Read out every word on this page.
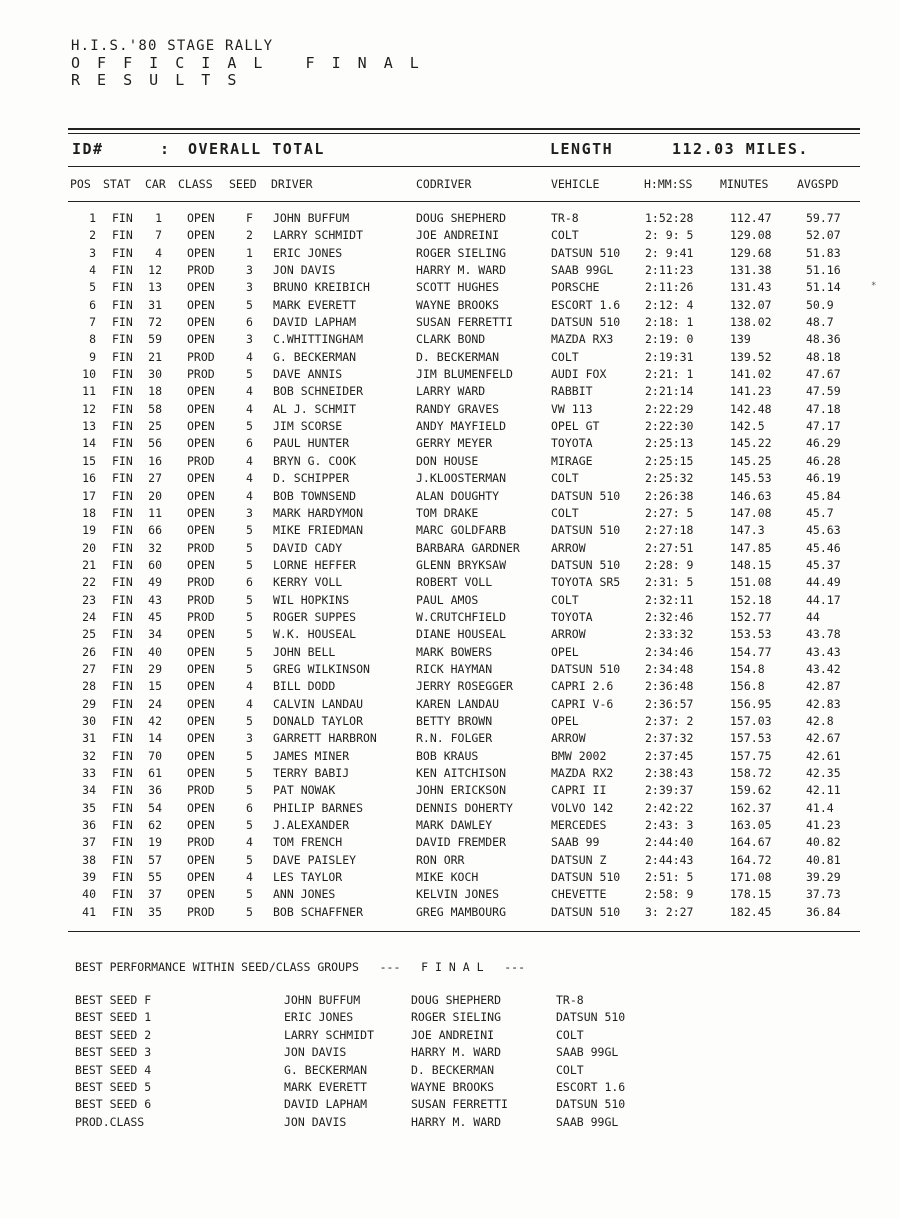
H.I.S.'80 STAGE RALLY
O F F I C I A L   F I N A L
R E S U L T S
ID#	: OVERALL TOTAL	LENGTH	112.03 MILES.
POS STAT CAR CLASS SEED DRIVER	CODRIVER	VEHICLE	H:MM:SS MINUTES AVGSPD
1 FIN	1 OPEN	F JOHN BUFFUM	DOUG SHEPHERD	TR-8	1:52:28	112.47	59.77
2 FIN	7 OPEN	2 LARRY SCHMIDT	JOE ANDREINI	COLT	2: 9: 5	129.08	52.07
3 FIN	4 OPEN	1 ERIC JONES	ROGER SIELING	DATSUN 510 2: 9:41	129.68	51.83
4 FIN	12 PROD	3 JON DAVIS	HARRY M. WARD	SAAB 99GL	2:11:23	131.38	51.16
5 FIN	13 OPEN	3 BRUNO KREIBICH	SCOTT HUGHES	PORSCHE	2:11:26	131.43	51.14
6 FIN	31 OPEN	5 MARK EVERETT	WAYNE BROOKS	ESCORT 1.6 2:12: 4	132.07	50.9
7 FIN	72 OPEN	6 DAVID LAPHAM	SUSAN FERRETTI	DATSUN 510 2:18: 1	138.02	48.7
8 FIN	59 OPEN	3 C.WHITTINGHAM	CLARK BOND	MAZDA RX3	2:19: 0	139	48.36
9 FIN	21 PROD	4 G. BECKERMAN	D. BECKERMAN	COLT	2:19:31	139.52	48.18
10 FIN	30 PROD	5 DAVE ANNIS	JIM BLUMENFELD	AUDI FOX	2:21: 1	141.02	47.67
11 FIN	18 OPEN	4 BOB SCHNEIDER	LARRY WARD	RABBIT	2:21:14	141.23	47.59
12 FIN	58 OPEN	4 AL J. SCHMIT	RANDY GRAVES	VW 113	2:22:29	142.48	47.18
13 FIN	25 OPEN	5 JIM SCORSE	ANDY MAYFIELD	OPEL GT	2:22:30	142.5	47.17
14 FIN	56 OPEN	6 PAUL HUNTER	GERRY MEYER	TOYOTA	2:25:13	145.22	46.29
15 FIN	16 PROD	4 BRYN G. COOK	DON HOUSE	MIRAGE	2:25:15	145.25	46.28
16 FIN	27 OPEN	4 D. SCHIPPER	J.KLOOSTERMAN	COLT	2:25:32	145.53	46.19
17 FIN	20 OPEN	4 BOB TOWNSEND	ALAN DOUGHTY	DATSUN 510 2:26:38	146.63	45.84
18 FIN	11 OPEN	3 MARK HARDYMON	TOM DRAKE	COLT	2:27: 5	147.08	45.7
19 FIN	66 OPEN	5 MIKE FRIEDMAN	MARC GOLDFARB	DATSUN 510 2:27:18	147.3	45.63
20 FIN	32 PROD	5 DAVID CADY	BARBARA GARDNER	ARROW	2:27:51	147.85	45.46
21 FIN	60 OPEN	5 LORNE HEFFER	GLENN BRYKSAW	DATSUN 510 2:28: 9	148.15	45.37
22 FIN	49 PROD	6 KERRY VOLL	ROBERT VOLL	TOYOTA SR5 2:31: 5	151.08	44.49
23 FIN	43 PROD	5 WIL HOPKINS	PAUL AMOS	COLT	2:32:11	152.18	44.17
24 FIN	45 PROD	5 ROGER SUPPES	W.CRUTCHFIELD	TOYOTA	2:32:46	152.77	44
25 FIN	34 OPEN	5 W.K. HOUSEAL	DIANE HOUSEAL	ARROW	2:33:32	153.53	43.78
26 FIN	40 OPEN	5 JOHN BELL	MARK BOWERS	OPEL	2:34:46	154.77	43.43
27 FIN	29 OPEN	5 GREG WILKINSON	RICK HAYMAN	DATSUN 510 2:34:48	154.8	43.42
28 FIN	15 OPEN	4 BILL DODD	JERRY ROSEGGER	CAPRI 2.6	2:36:48	156.8	42.87
29 FIN	24 OPEN	4 CALVIN LANDAU	KAREN LANDAU	CAPRI V-6	2:36:57	156.95	42.83
30 FIN	42 OPEN	5 DONALD TAYLOR	BETTY BROWN	OPEL	2:37: 2	157.03	42.8
31 FIN	14 OPEN	3 GARRETT HARBRON	R.N. FOLGER	ARROW	2:37:32	157.53	42.67
32 FIN	70 OPEN	5 JAMES MINER	BOB KRAUS	BMW 2002	2:37:45	157.75	42.61
33 FIN	61 OPEN	5 TERRY BABIJ	KEN AITCHISON	MAZDA RX2	2:38:43	158.72	42.35
34 FIN	36 PROD	5 PAT NOWAK	JOHN ERICKSON	CAPRI II	2:39:37	159.62	42.11
35 FIN	54 OPEN	6 PHILIP BARNES	DENNIS DOHERTY	VOLVO 142	2:42:22	162.37	41.4
36 FIN	62 OPEN	5 J.ALEXANDER	MARK DAWLEY	MERCEDES	2:43: 3	163.05	41.23
37 FIN	19 PROD	4 TOM FRENCH	DAVID FREMDER	SAAB 99	2:44:40	164.67	40.82
38 FIN	57 OPEN	5 DAVE PAISLEY	RON ORR	DATSUN Z	2:44:43	164.72	40.81
39 FIN	55 OPEN	4 LES TAYLOR	MIKE KOCH	DATSUN 510 2:51: 5	171.08	39.29
40 FIN	37 OPEN	5 ANN JONES	KELVIN JONES	CHEVETTE	2:58: 9	178.15	37.73
41 FIN	35 PROD	5 BOB SCHAFFNER	GREG MAMBOURG	DATSUN 510 3: 2:27	182.45	36.84
BEST PERFORMANCE WITHIN SEED/CLASS GROUPS   ---   F I N A L   ---
BEST SEED F	JOHN BUFFUM	DOUG SHEPHERD	TR-8
BEST SEED 1	ERIC JONES	ROGER SIELING	DATSUN 510
BEST SEED 2	LARRY SCHMIDT	JOE ANDREINI	COLT
BEST SEED 3	JON DAVIS	HARRY M. WARD	SAAB 99GL
BEST SEED 4	G. BECKERMAN	D. BECKERMAN	COLT
BEST SEED 5	MARK EVERETT	WAYNE BROOKS	ESCORT 1.6
BEST SEED 6	DAVID LAPHAM	SUSAN FERRETTI	DATSUN 510
PROD.CLASS	JON DAVIS	HARRY M. WARD	SAAB 99GL
*
